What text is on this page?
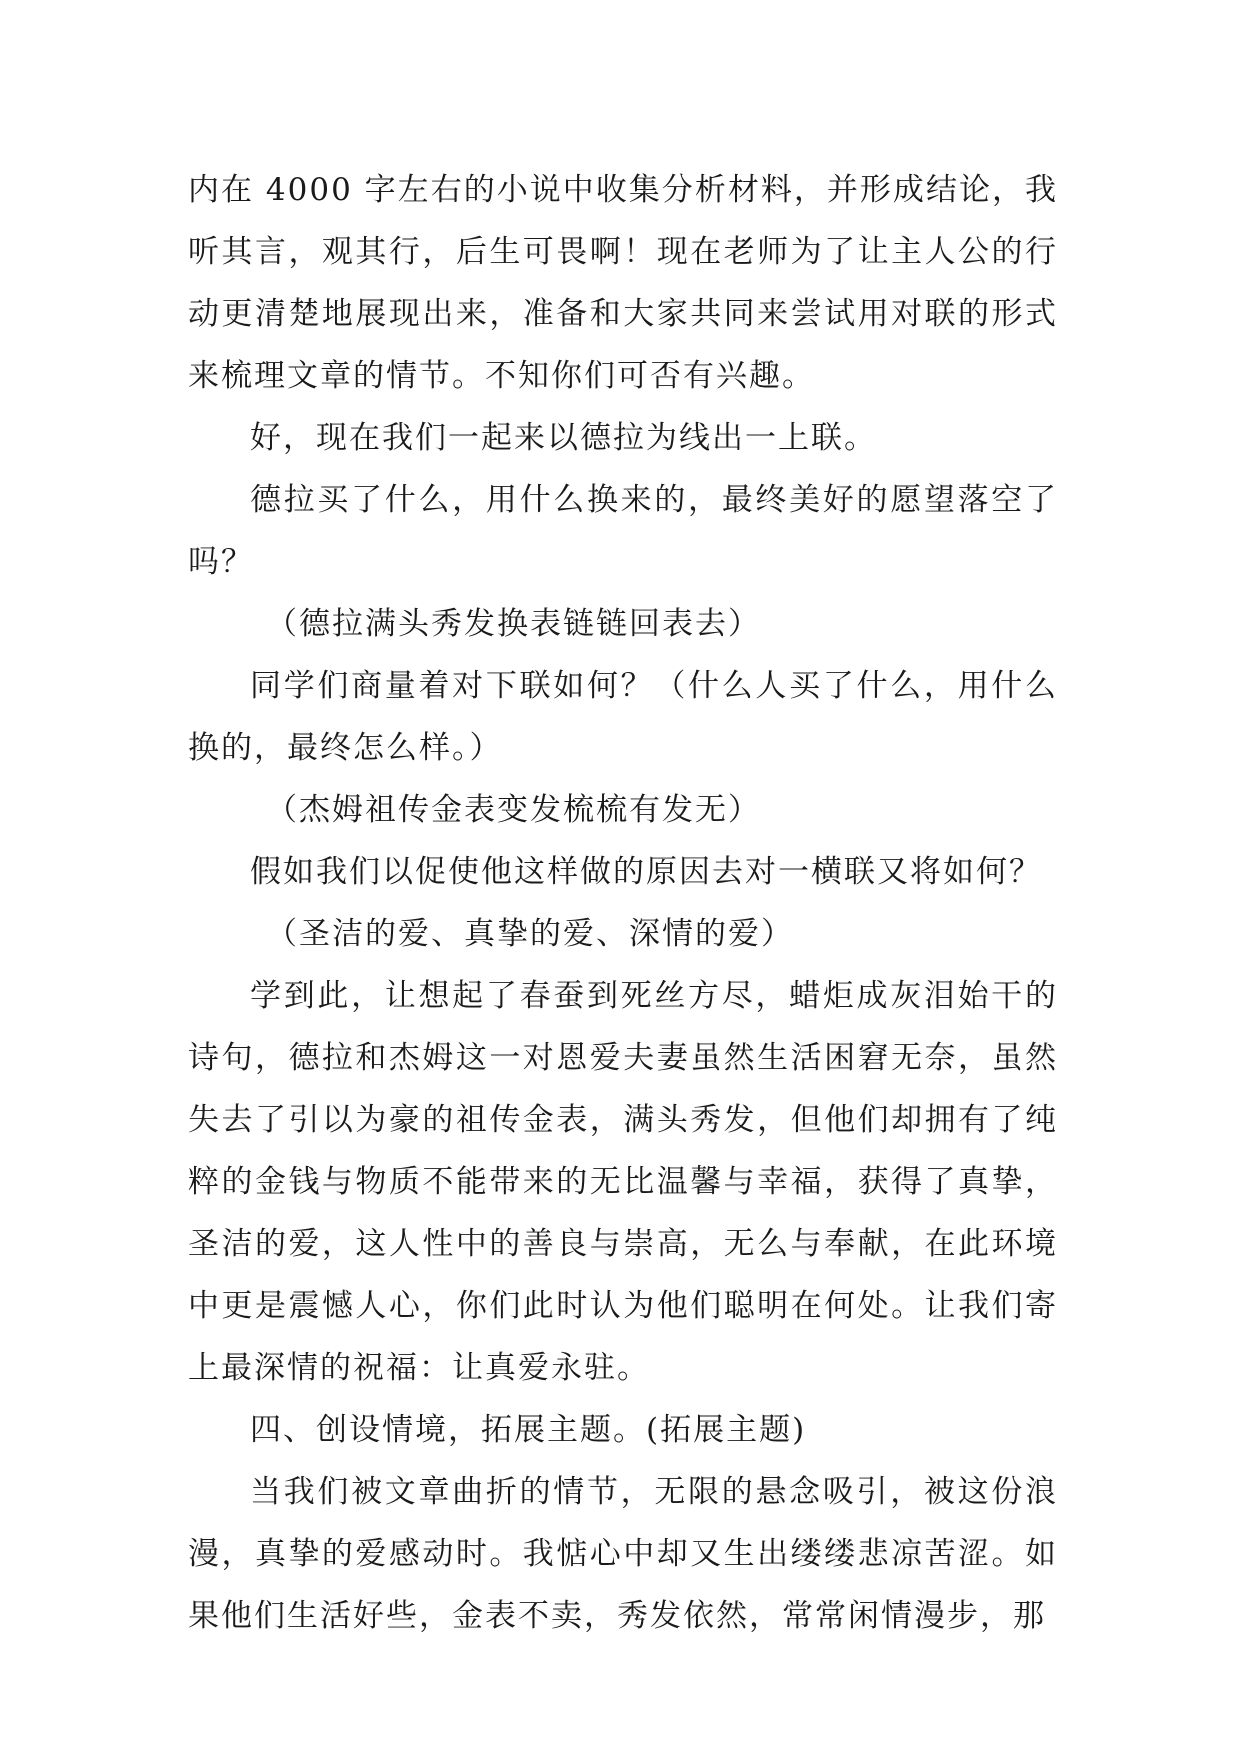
内在 4000 字左右的小说中收集分析材料，并形成结论，我听其言，观其行，后生可畏啊！现在老师为了让主人公的行动更清楚地展现出来，准备和大家共同来尝试用对联的形式来梳理文章的情节。不知你们可否有兴趣。

好，现在我们一起来以德拉为线出一上联。

德拉买了什么，用什么换来的，最终美好的愿望落空了吗？

（德拉满头秀发换表链链回表去）

同学们商量着对下联如何？（什么人买了什么，用什么换的，最终怎么样。）

（杰姆祖传金表变发梳梳有发无）

假如我们以促使他这样做的原因去对一横联又将如何？

（圣洁的爱、真挚的爱、深情的爱）

学到此，让想起了春蚕到死丝方尽，蜡炬成灰泪始干的诗句，德拉和杰姆这一对恩爱夫妻虽然生活困窘无奈，虽然失去了引以为豪的祖传金表，满头秀发，但他们却拥有了纯粹的金钱与物质不能带来的无比温馨与幸福，获得了真挚，圣洁的爱，这人性中的善良与崇高，无么与奉献，在此环境中更是震憾人心，你们此时认为他们聪明在何处。让我们寄上最深情的祝福：让真爱永驻。

四、创设情境，拓展主题。(拓展主题)

当我们被文章曲折的情节，无限的悬念吸引，被这份浪漫，真挚的爱感动时。我惦心中却又生出缕缕悲凉苦涩。如果他们生活好些，金表不卖，秀发依然，常常闲情漫步，那
